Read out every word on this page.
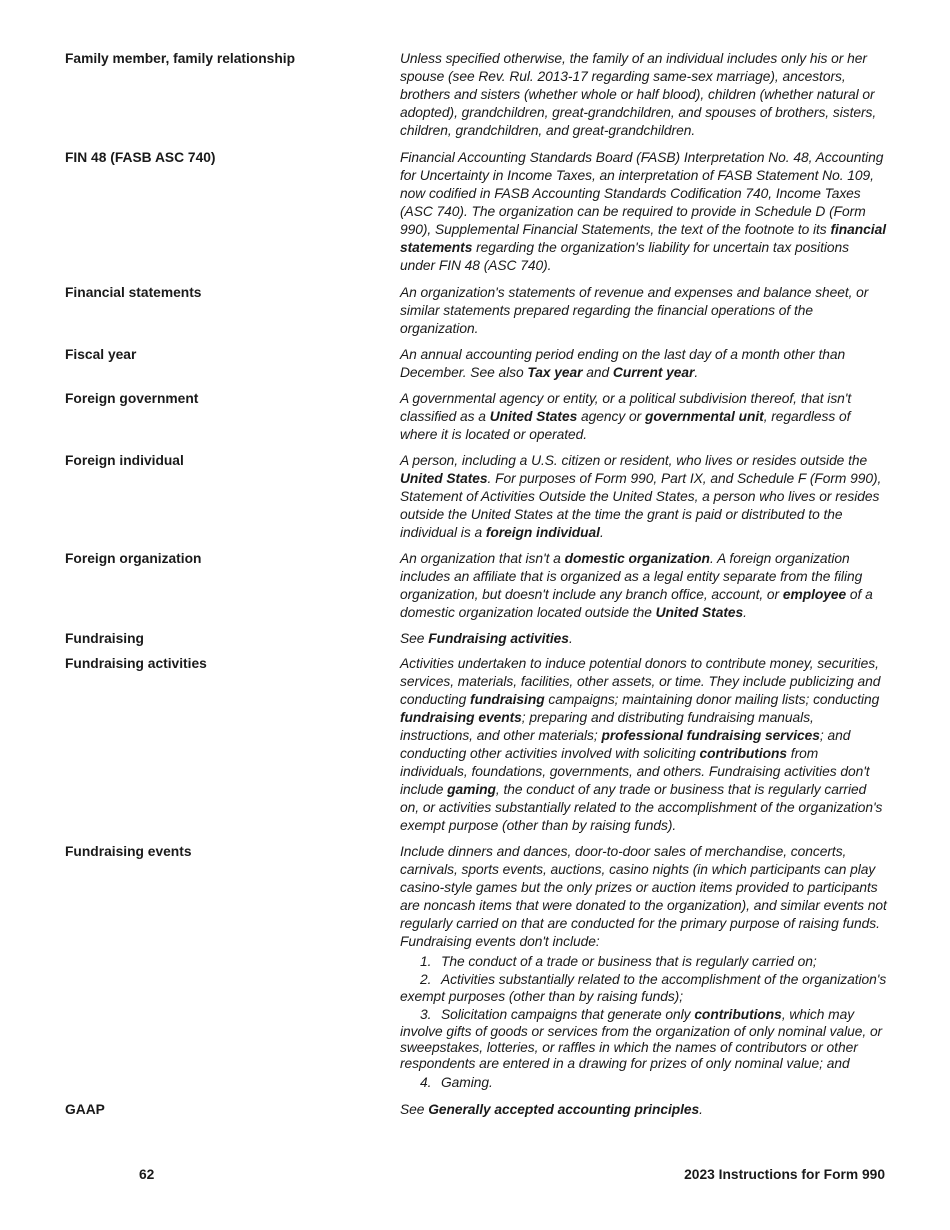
Family member, family relationship	Unless specified otherwise, the family of an individual includes only his or her spouse (see Rev. Rul. 2013-17 regarding same-sex marriage), ancestors, brothers and sisters (whether whole or half blood), children (whether natural or adopted), grandchildren, great-grandchildren, and spouses of brothers, sisters, children, grandchildren, and great-grandchildren.

FIN 48 (FASB ASC 740)	Financial Accounting Standards Board (FASB) Interpretation No. 48, Accounting for Uncertainty in Income Taxes, an interpretation of FASB Statement No. 109, now codified in FASB Accounting Standards Codification 740, Income Taxes (ASC 740). The organization can be required to provide in Schedule D (Form 990), Supplemental Financial Statements, the text of the footnote to its financial statements regarding the organization's liability for uncertain tax positions under FIN 48 (ASC 740).

Financial statements	An organization's statements of revenue and expenses and balance sheet, or similar statements prepared regarding the financial operations of the organization.

Fiscal year	An annual accounting period ending on the last day of a month other than December. See also Tax year and Current year.

Foreign government	A governmental agency or entity, or a political subdivision thereof, that isn't classified as a United States agency or governmental unit, regardless of where it is located or operated.

Foreign individual	A person, including a U.S. citizen or resident, who lives or resides outside the United States. For purposes of Form 990, Part IX, and Schedule F (Form 990), Statement of Activities Outside the United States, a person who lives or resides outside the United States at the time the grant is paid or distributed to the individual is a foreign individual.

Foreign organization	An organization that isn't a domestic organization. A foreign organization includes an affiliate that is organized as a legal entity separate from the filing organization, but doesn't include any branch office, account, or employee of a domestic organization located outside the United States.

Fundraising	See Fundraising activities.

Fundraising activities	Activities undertaken to induce potential donors to contribute money, securities, services, materials, facilities, other assets, or time. They include publicizing and conducting fundraising campaigns; maintaining donor mailing lists; conducting fundraising events; preparing and distributing fundraising manuals, instructions, and other materials; professional fundraising services; and conducting other activities involved with soliciting contributions from individuals, foundations, governments, and others. Fundraising activities don't include gaming, the conduct of any trade or business that is regularly carried on, or activities substantially related to the accomplishment of the organization's exempt purpose (other than by raising funds).

Fundraising events	Include dinners and dances, door-to-door sales of merchandise, concerts, carnivals, sports events, auctions, casino nights (in which participants can play casino-style games but the only prizes or auction items provided to participants are noncash items that were donated to the organization), and similar events not regularly carried on that are conducted for the primary purpose of raising funds. Fundraising events don't include:

1. The conduct of a trade or business that is regularly carried on;
2. Activities substantially related to the accomplishment of the organization's exempt purposes (other than by raising funds);
3. Solicitation campaigns that generate only contributions, which may involve gifts of goods or services from the organization of only nominal value, or sweepstakes, lotteries, or raffles in which the names of contributors or other respondents are entered in a drawing for prizes of only nominal value; and
4. Gaming.
GAAP	See Generally accepted accounting principles.

62	2023 Instructions for Form 990
